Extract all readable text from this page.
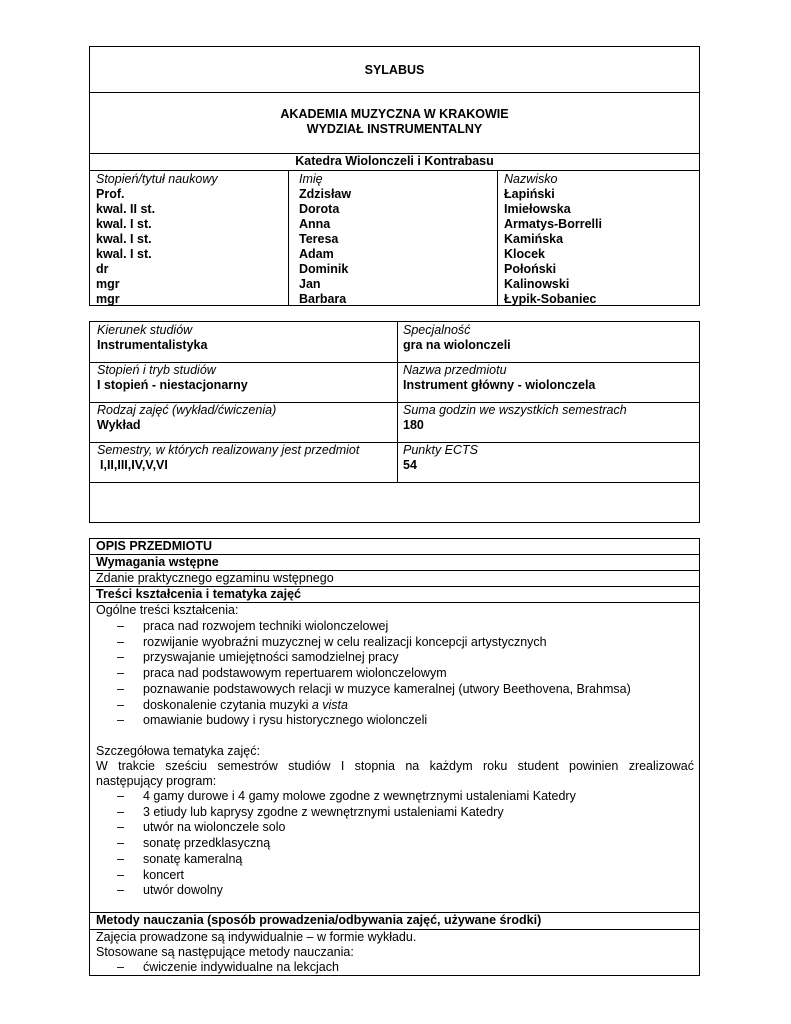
SYLABUS
AKADEMIA MUZYCZNA W KRAKOWIE
WYDZIAŁ INSTRUMENTALNY
Katedra Wiolonczeli i Kontrabasu
Stopień/tytuł naukowy
Prof.
kwal. II st.
kwal. I st.
kwal. I st.
kwal. I st.
dr
mgr
mgr
Imię
Zdzisław
Dorota
Anna
Teresa
Adam
Dominik
Jan
Barbara
Nazwisko
Łapiński
Imiełowska
Armatys-Borrelli
Kamińska
Klocek
Połoński
Kalinowski
Łypik-Sobaniec
Kierunek studiów
Instrumentalistyka
Specjalność
gra na wiolonczeli
Stopień i tryb studiów
I stopień - niestacjonarny
Nazwa przedmiotu
Instrument główny - wiolonczela
Rodzaj zajęć (wykład/ćwiczenia)
Wykład
Suma godzin we wszystkich semestrach
180
Semestry, w których realizowany jest przedmiot
I,II,III,IV,V,VI
Punkty ECTS
54
OPIS PRZEDMIOTU
Wymagania wstępne
Zdanie praktycznego egzaminu wstępnego
Treści kształcenia i tematyka zajęć
Ogólne treści kształcenia:
– praca nad rozwojem techniki wiolonczelowej
– rozwijanie wyobraźni muzycznej w celu realizacji koncepcji artystycznych
– przyswajanie umiejętności samodzielnej pracy
– praca nad podstawowym repertuarem wiolonczelowym
– poznawanie podstawowych relacji w muzyce kameralnej (utwory Beethovena, Brahmsa)
– doskonalenie czytania muzyki a vista
– omawianie budowy i rysu historycznego wiolonczeli
Szczegółowa tematyka zajęć:
W trakcie sześciu semestrów studiów I stopnia na każdym roku student powinien zrealizować
następujący program:
– 4 gamy durowe i 4 gamy molowe zgodne z wewnętrznymi ustaleniami Katedry
– 3 etiudy lub kaprysy zgodne z wewnętrznymi ustaleniami Katedry
– utwór na wiolonczele solo
– sonatę przedklasyczną
– sonatę kameralną
– koncert
– utwór dowolny
Metody nauczania (sposób prowadzenia/odbywania zajęć, używane środki)
Zajęcia prowadzone są indywidualnie – w formie wykładu.
Stosowane są następujące metody nauczania:
– ćwiczenie indywidualne na lekcjach
